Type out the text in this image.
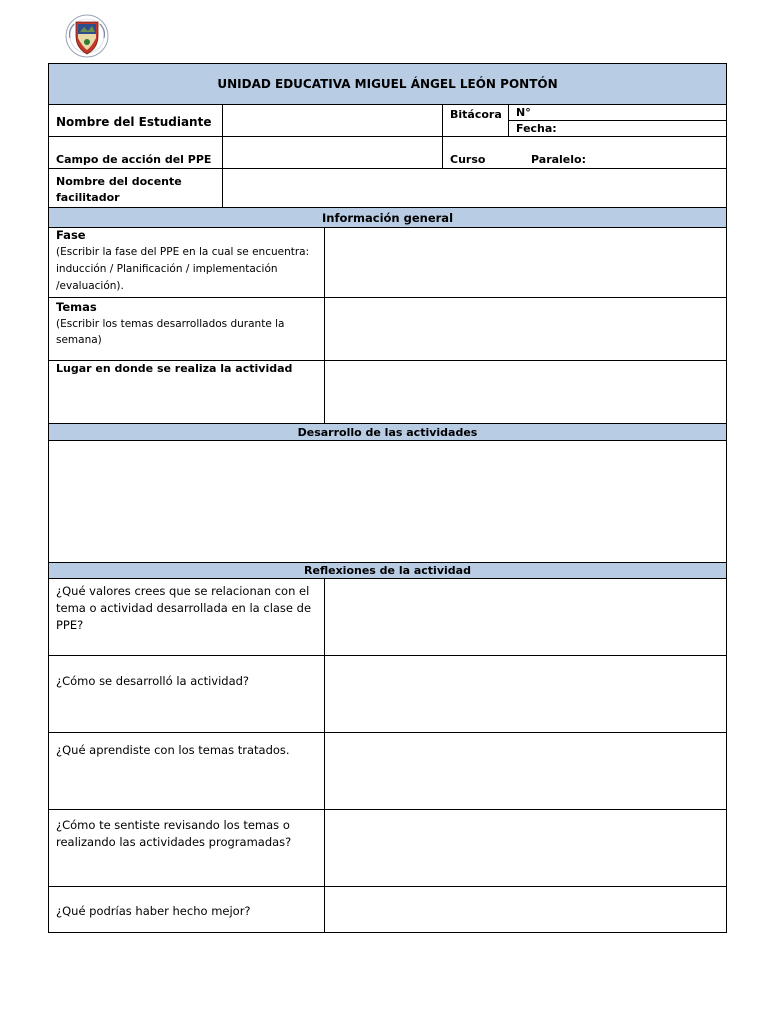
UNIDAD EDUCATIVA MIGUEL ÁNGEL LEÓN PONTÓN
Nombre del Estudiante
Bitácora N°
Fecha:
Campo de acción del PPE	Curso	Paralelo:
Nombre del docente
facilitador
Información general
Fase
(Escribir la fase del PPE en la cual se encuentra:
inducción / Planificación / implementación
/evaluación).
Temas
(Escribir los temas desarrollados durante la
semana)
Lugar en donde se realiza la actividad
Desarrollo de las actividades
Reflexiones de la actividad
¿Qué valores crees que se relacionan con el
tema o actividad desarrollada en la clase de
PPE?
¿Cómo se desarrolló la actividad?
¿Qué aprendiste con los temas tratados.
¿Cómo te sentiste revisando los temas o
realizando las actividades programadas?
¿Qué podrías haber hecho mejor?
